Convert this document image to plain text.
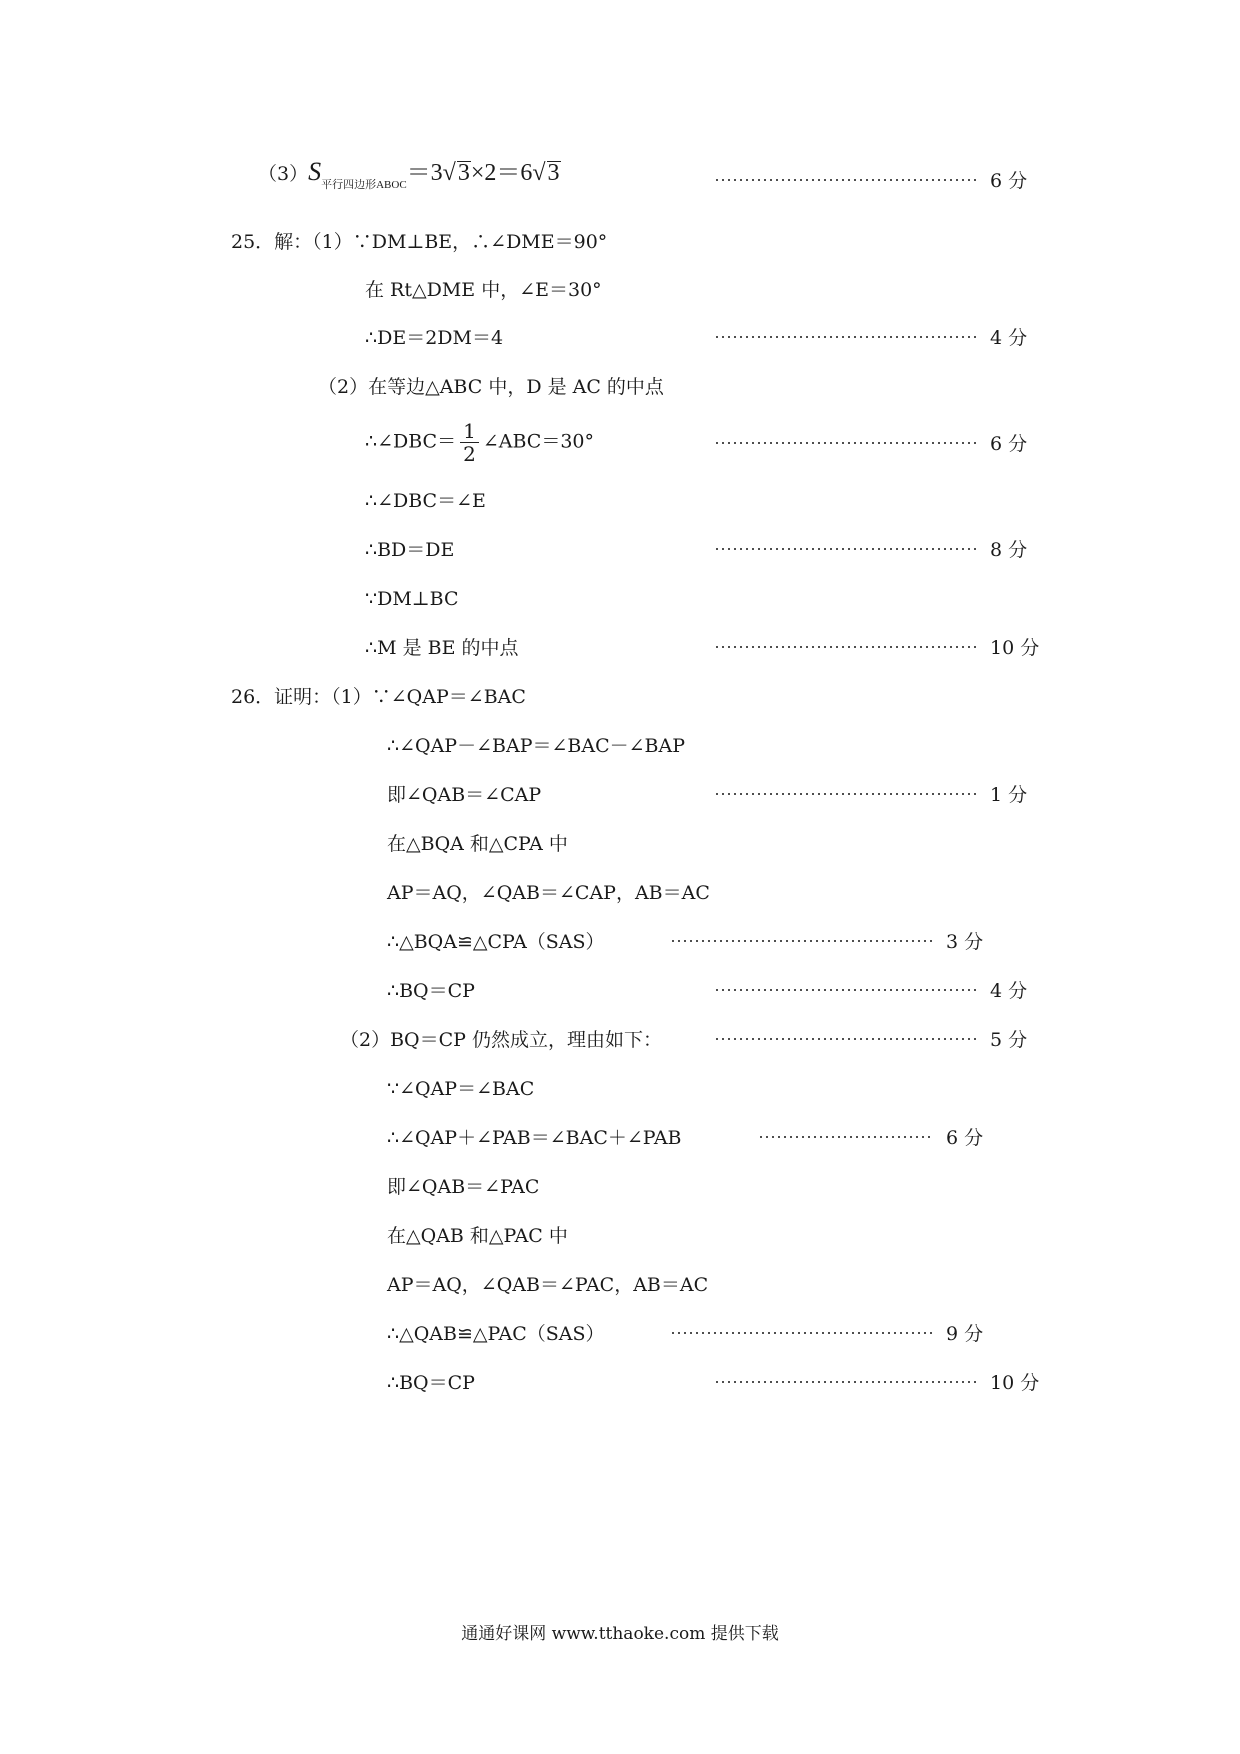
$(3)S_{平行四边形ABOC}=3√3\times 2=6√3$	6 分
25．解：（1）∵DM⊥BE，∴∠DME＝90°
在 Rt△DME 中，∠E＝30°
∴DE＝2DM＝4	4 分
（2）在等边△ABC 中，D 是 AC 的中点
∴∠DBC＝ $\frac{1}{2}$ ∠ABC＝30°	6 分
∴∠DBC＝∠E
∴BD＝DE	8 分
∵DM⊥BC
∴M 是 BE 的中点	10 分
26．证明：（1）∵∠QAP＝∠BAC
∴∠QAP－∠BAP＝∠BAC－∠BAP
即∠QAB＝∠CAP	1 分
在△BQA 和△CPA 中
AP＝AQ，∠QAB＝∠CAP，AB＝AC
∴△BQA≌△CPA（SAS）	3 分
∴BQ＝CP	4 分
（2）BQ＝CP 仍然成立，理由如下：	5 分
∵∠QAP＝∠BAC
∴∠QAP＋∠PAB＝∠BAC＋∠PAB	6 分
即∠QAB＝∠PAC
在△QAB 和△PAC 中
AP＝AQ，∠QAB＝∠PAC，AB＝AC
∴△QAB≌△PAC（SAS）	9 分
∴BQ＝CP	10 分
通通好课网 www.tthaoke.com 提供下载
